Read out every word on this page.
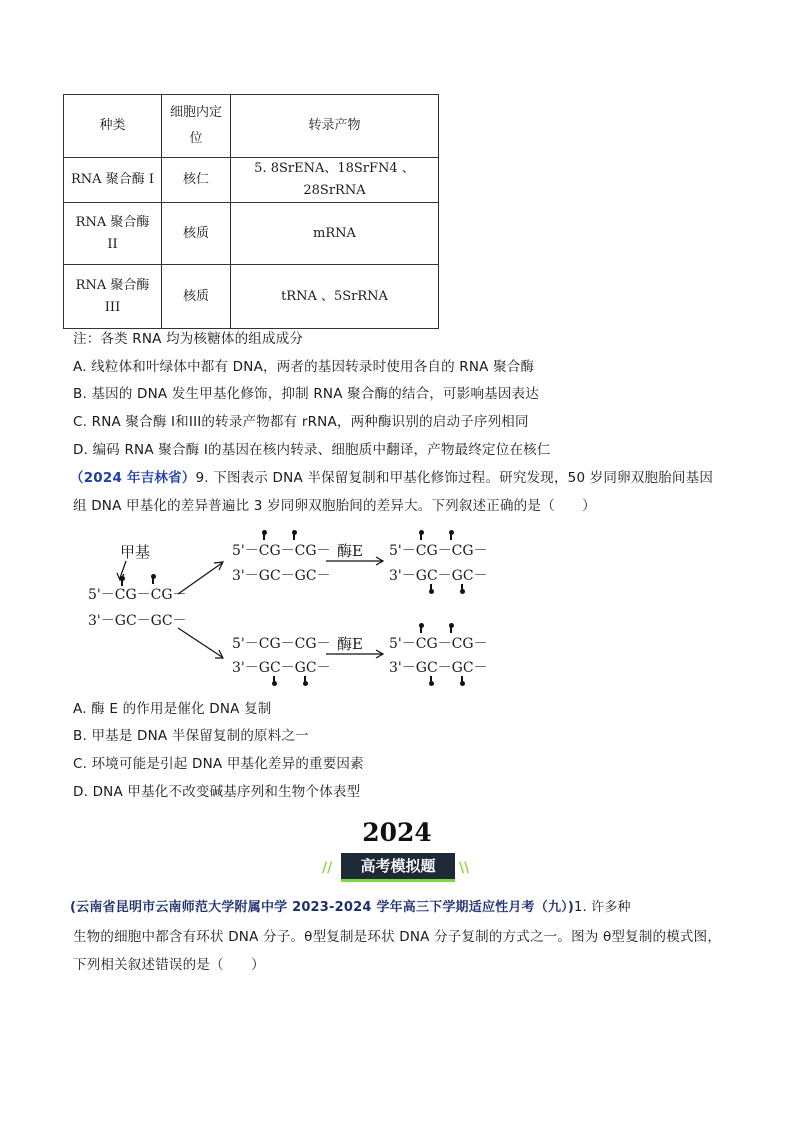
种类	细胞内定位	转录产物
RNA 聚合酶 I	核仁	5. 8SrENA、18SrFN4 、28SrRNA
RNA 聚合酶 II	核质	mRNA
RNA 聚合酶 III	核质	tRNA 、5SrRNA
注：各类 RNA 均为核糖体的组成成分
A. 线粒体和叶绿体中都有 DNA，两者的基因转录时使用各自的 RNA 聚合酶
B. 基因的 DNA 发生甲基化修饰，抑制 RNA 聚合酶的结合，可影响基因表达
C. RNA 聚合酶 I和III的转录产物都有 rRNA，两种酶识别的启动子序列相同
D. 编码 RNA 聚合酶 I的基因在核内转录、细胞质中翻译，产物最终定位在核仁
（2024 年吉林省）9. 下图表示 DNA 半保留复制和甲基化修饰过程。研究发现，50 岁同卵双胞胎间基因
组 DNA 甲基化的差异普遍比 3 岁同卵双胞胎间的差异大。下列叙述正确的是（　　）
甲基
5'－CG－CG－
3'－GC－GC－
5'－CG－CG－
3'－GC－GC－
酶E 5'－CG－CG－
3'－GC－GC－
5'－CG－CG－
3'－GC－GC－
酶E 5'－CG－CG－
3'－GC－GC－
A. 酶 E 的作用是催化 DNA 复制
B. 甲基是 DNA 半保留复制的原料之一
C. 环境可能是引起 DNA 甲基化差异的重要因素
D. DNA 甲基化不改变碱基序列和生物个体表型
2024
//	高考模拟题	\\
(云南省昆明市云南师范大学附属中学 2023-2024 学年高三下学期适应性月考（九）)1. 许多种
生物的细胞中都含有环状 DNA 分子。θ型复制是环状 DNA 分子复制的方式之一。图为 θ型复制的模式图，
下列相关叙述错误的是（　　）
